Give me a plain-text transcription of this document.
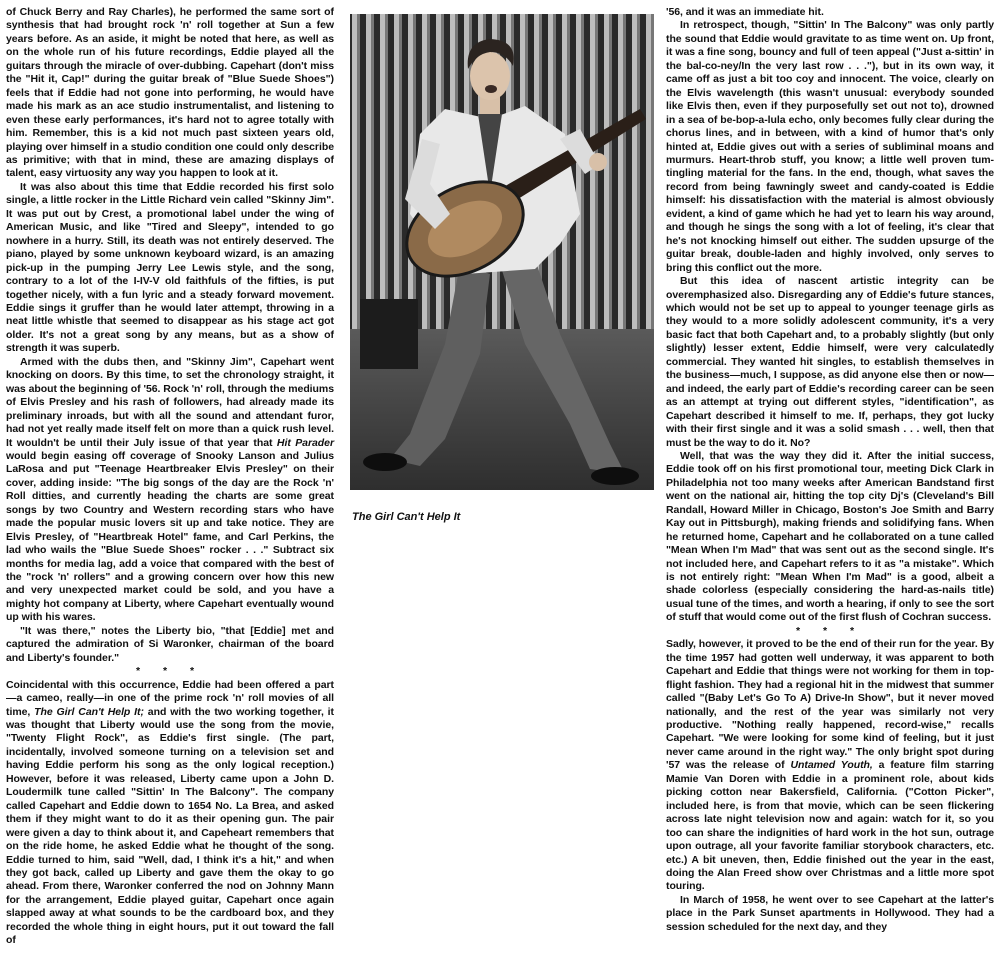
of Chuck Berry and Ray Charles), he performed the same sort of synthesis that had brought rock 'n' roll together at Sun a few years before. As an aside, it might be noted that here, as well as on the whole run of his future recordings, Eddie played all the guitars through the miracle of over-dubbing. Capehart (don't miss the "Hit it, Cap!" during the guitar break of "Blue Suede Shoes") feels that if Eddie had not gone into performing, he would have made his mark as an ace studio instrumentalist, and listening to even these early performances, it's hard not to agree totally with him. Remember, this is a kid not much past sixteen years old, playing over himself in a studio condition one could only describe as primitive; with that in mind, these are amazing displays of talent, easy virtuosity any way you happen to look at it.

It was also about this time that Eddie recorded his first solo single, a little rocker in the Little Richard vein called "Skinny Jim". It was put out by Crest, a promotional label under the wing of American Music, and like "Tired and Sleepy", intended to go nowhere in a hurry. Still, its death was not entirely deserved. The piano, played by some unknown keyboard wizard, is an amazing pick-up in the pumping Jerry Lee Lewis style, and the song, contrary to a lot of the I-IV-V old faithfuls of the fifties, is put together nicely, with a fun lyric and a steady forward movement. Eddie sings it gruffer than he would later attempt, throwing in a neat little whistle that seemed to disappear as his stage act got older. It's not a great song by any means, but as a show of strength it was superb.

Armed with the dubs then, and "Skinny Jim", Capehart went knocking on doors. By this time, to set the chronology straight, it was about the beginning of '56. Rock 'n' roll, through the mediums of Elvis Presley and his rash of followers, had already made its preliminary inroads, but with all the sound and attendant furor, had not yet really made itself felt on more than a quick rush level. It wouldn't be until their July issue of that year that Hit Parader would begin easing off coverage of Snooky Lanson and Julius LaRosa and put "Teenage Heartbreaker Elvis Presley" on their cover, adding inside: "The big songs of the day are the Rock 'n' Roll ditties, and currently heading the charts are some great songs by two Country and Western recording stars who have made the popular music lovers sit up and take notice. They are Elvis Presley, of "Heartbreak Hotel" fame, and Carl Perkins, the lad who wails the "Blue Suede Shoes" rocker . . ." Subtract six months for media lag, add a voice that compared with the best of the "rock 'n' rollers" and a growing concern over how this new and very unexpected market could be sold, and you have a mighty hot company at Liberty, where Capehart eventually wound up with his wares.

"It was there," notes the Liberty bio, "that [Eddie] met and captured the admiration of Si Waronker, chairman of the board and Liberty's founder."

* * *

Coincidental with this occurrence, Eddie had been offered a part—a cameo, really—in one of the prime rock 'n' roll movies of all time, The Girl Can't Help It; and with the two working together, it was thought that Liberty would use the song from the movie, "Twenty Flight Rock", as Eddie's first single. (The part, incidentally, involved someone turning on a television set and having Eddie perform his song as the only logical reception.) However, before it was released, Liberty came upon a John D. Loudermilk tune called "Sittin' In The Balcony". The company called Capehart and Eddie down to 1654 No. La Brea, and asked them if they might want to do it as their opening gun. The pair were given a day to think about it, and Capeheart remembers that on the ride home, he asked Eddie what he thought of the song. Eddie turned to him, said "Well, dad, I think it's a hit," and when they got back, called up Liberty and gave them the okay to go ahead. From there, Waronker conferred the nod on Johnny Mann for the arrangement, Eddie played guitar, Capehart once again slapped away at what sounds to be the cardboard box, and they recorded the whole thing in eight hours, put it out toward the fall of

The Girl Can't Help It

'56, and it was an immediate hit.

In retrospect, though, "Sittin' In The Balcony" was only partly the sound that Eddie would gravitate to as time went on. Up front, it was a fine song, bouncy and full of teen appeal ("Just a-sittin' in the bal-co-ney/In the very last row . . ."), but in its own way, it came off as just a bit too coy and innocent. The voice, clearly on the Elvis wavelength (this wasn't unusual: everybody sounded like Elvis then, even if they purposefully set out not to), drowned in a sea of be-bop-a-lula echo, only becomes fully clear during the chorus lines, and in between, with a kind of humor that's only hinted at, Eddie gives out with a series of subliminal moans and murmurs. Heart-throb stuff, you know; a little well proven tum-tingling material for the fans. In the end, though, what saves the record from being fawningly sweet and candy-coated is Eddie himself: his dissatisfaction with the material is almost obviously evident, a kind of game which he had yet to learn his way around, and though he sings the song with a lot of feeling, it's clear that he's not knocking himself out either. The sudden upsurge of the guitar break, double-laden and highly involved, only serves to bring this conflict out the more.

But this idea of nascent artistic integrity can be overemphasized also. Disregarding any of Eddie's future stances, which would not be set up to appeal to younger teenage girls as they would to a more solidly adolescent community, it's a very basic fact that both Capehart and, to a probably slightly (but only slightly) lesser extent, Eddie himself, were very calculatedly commercial. They wanted hit singles, to establish themselves in the business—much, I suppose, as did anyone else then or now—and indeed, the early part of Eddie's recording career can be seen as an attempt at trying out different styles, "identification", as Capehart described it himself to me. If, perhaps, they got lucky with their first single and it was a solid smash . . . well, then that must be the way to do it. No?

Well, that was the way they did it. After the initial success, Eddie took off on his first promotional tour, meeting Dick Clark in Philadelphia not too many weeks after American Bandstand first went on the national air, hitting the top city Dj's (Cleveland's Bill Randall, Howard Miller in Chicago, Boston's Joe Smith and Barry Kay out in Pittsburgh), making friends and solidifying fans. When he returned home, Capehart and he collaborated on a tune called "Mean When I'm Mad" that was sent out as the second single. It's not included here, and Capehart refers to it as "a mistake". Which is not entirely right: "Mean When I'm Mad" is a good, albeit a shade colorless (especially considering the hard-as-nails title) usual tune of the times, and worth a hearing, if only to see the sort of stuff that would come out of the first flush of Cochran success.

* * *

Sadly, however, it proved to be the end of their run for the year. By the time 1957 had gotten well underway, it was apparent to both Capehart and Eddie that things were not working for them in top-flight fashion. They had a regional hit in the midwest that summer called "(Baby Let's Go To A) Drive-In Show", but it never moved nationally, and the rest of the year was similarly not very productive. "Nothing really happened, record-wise," recalls Capehart. "We were looking for some kind of feeling, but it just never came around in the right way." The only bright spot during '57 was the release of Untamed Youth, a feature film starring Mamie Van Doren with Eddie in a prominent role, about kids picking cotton near Bakersfield, California. ("Cotton Picker", included here, is from that movie, which can be seen flickering across late night television now and again: watch for it, so you too can share the indignities of hard work in the hot sun, outrage upon outrage, all your favorite familiar storybook characters, etc. etc.) A bit uneven, then, Eddie finished out the year in the east, doing the Alan Freed show over Christmas and a little more spot touring.

In March of 1958, he went over to see Capehart at the latter's place in the Park Sunset apartments in Hollywood. They had a session scheduled for the next day, and they
